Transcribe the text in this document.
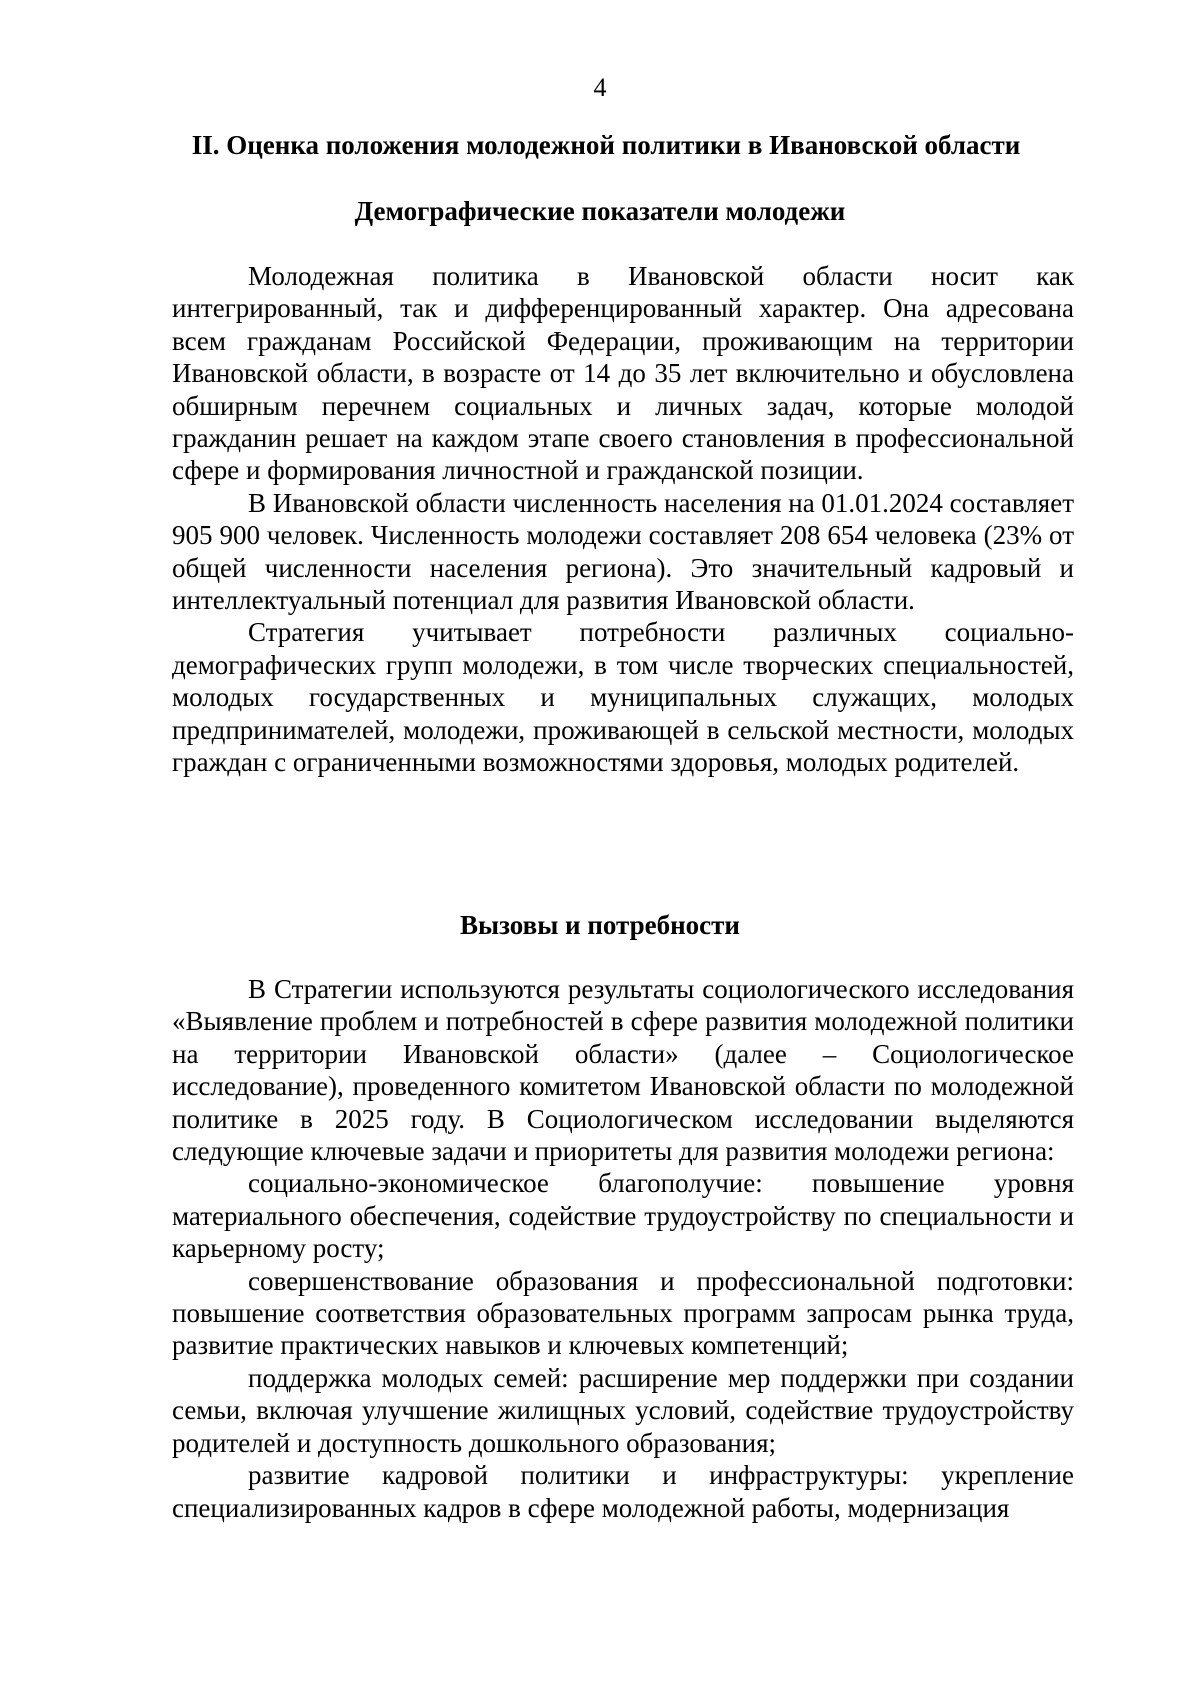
4
II. Оценка положения молодежной политики в Ивановской области
Демографические показатели молодежи

Молодежная политика в Ивановской области носит как интегрированный, так и дифференцированный характер. Она адресована всем гражданам Российской Федерации, проживающим на территории Ивановской области, в возрасте от 14 до 35 лет включительно и обусловлена обширным перечнем социальных и личных задач, которые молодой гражданин решает на каждом этапе своего становления в профессиональной сфере и формирования личностной и гражданской позиции.

В Ивановской области численность населения на 01.01.2024 составляет 905 900 человек. Численность молодежи составляет 208 654 человека (23% от общей численности населения региона). Это значительный кадровый и интеллектуальный потенциал для развития Ивановской области.

Стратегия учитывает потребности различных социально-демографических групп молодежи, в том числе творческих специальностей, молодых государственных и муниципальных служащих, молодых предпринимателей, молодежи, проживающей в сельской местности, молодых граждан с ограниченными возможностями здоровья, молодых родителей.

Вызовы и потребности

В Стратегии используются результаты социологического исследования «Выявление проблем и потребностей в сфере развития молодежной политики на территории Ивановской области» (далее – Социологическое исследование), проведенного комитетом Ивановской области по молодежной политике в 2025 году. В Социологическом исследовании выделяются следующие ключевые задачи и приоритеты для развития молодежи региона:

социально-экономическое благополучие: повышение уровня материального обеспечения, содействие трудоустройству по специальности и карьерному росту;

совершенствование образования и профессиональной подготовки: повышение соответствия образовательных программ запросам рынка труда, развитие практических навыков и ключевых компетенций;

поддержка молодых семей: расширение мер поддержки при создании семьи, включая улучшение жилищных условий, содействие трудоустройству родителей и доступность дошкольного образования;

развитие кадровой политики и инфраструктуры: укрепление специализированных кадров в сфере молодежной работы, модернизация
